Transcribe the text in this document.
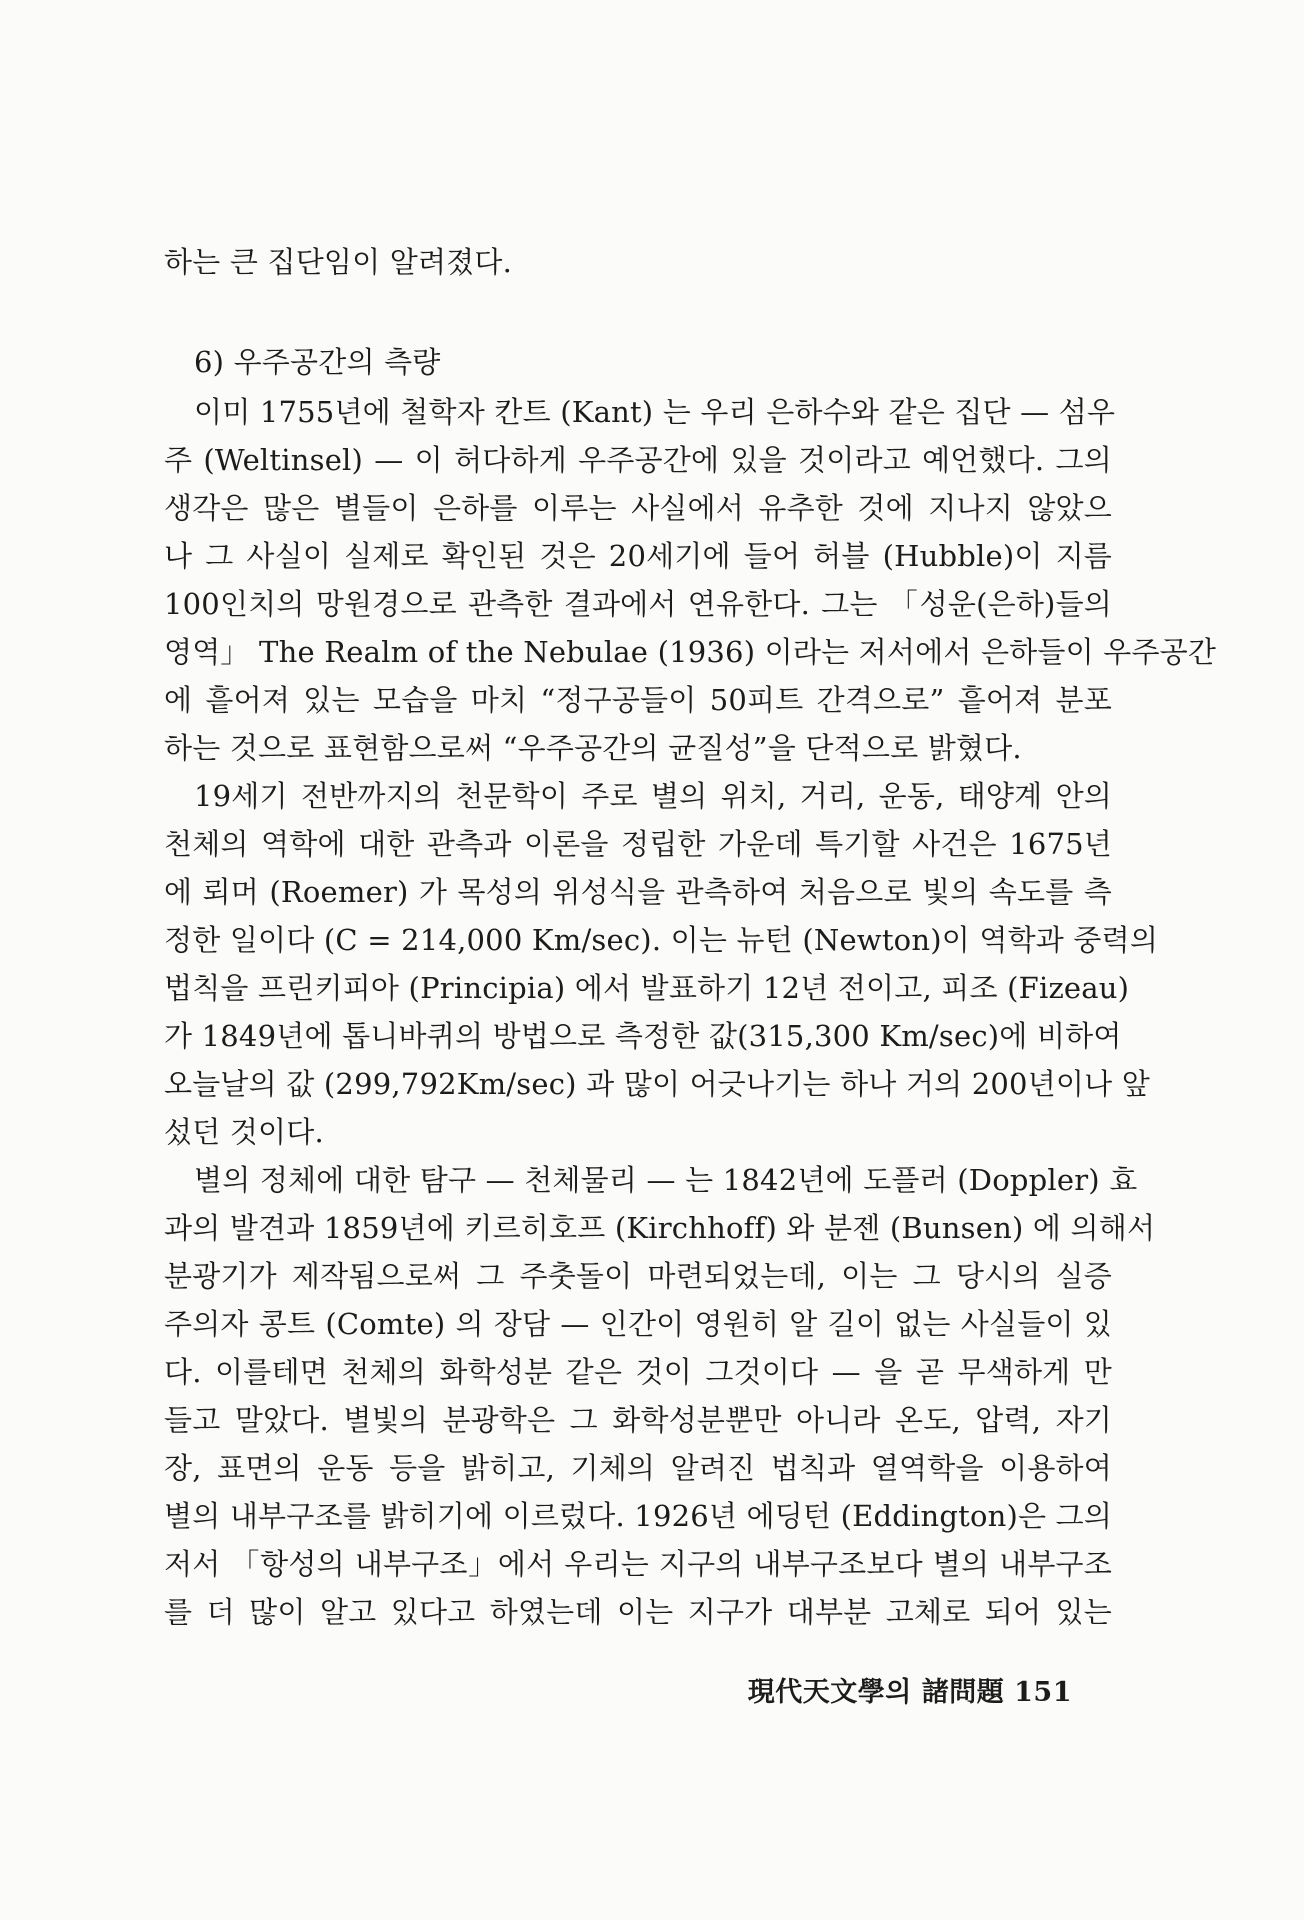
하는 큰 집단임이 알려졌다.
6) 우주공간의 측량
이미 1755년에 철학자 칸트 (Kant) 는 우리 은하수와 같은 집단 — 섬우
주 (Weltinsel) — 이 허다하게 우주공간에 있을 것이라고 예언했다. 그의
생각은 많은 별들이 은하를 이루는 사실에서 유추한 것에 지나지 않았으
나 그 사실이 실제로 확인된 것은 20세기에 들어 허블 (Hubble)이 지름
100인치의 망원경으로 관측한 결과에서 연유한다. 그는 「성운(은하)들의
영역」 The Realm of the Nebulae (1936) 이라는 저서에서 은하들이 우주공간
에 흩어져 있는 모습을 마치 “정구공들이 50피트 간격으로” 흩어져 분포
하는 것으로 표현함으로써 “우주공간의 균질성”을 단적으로 밝혔다.
19세기 전반까지의 천문학이 주로 별의 위치, 거리, 운동, 태양계 안의
천체의 역학에 대한 관측과 이론을 정립한 가운데 특기할 사건은 1675년
에 뢰머 (Roemer) 가 목성의 위성식을 관측하여 처음으로 빛의 속도를 측
정한 일이다 (C = 214,000 Km/sec). 이는 뉴턴 (Newton)이 역학과 중력의
법칙을 프린키피아 (Principia) 에서 발표하기 12년 전이고, 피조 (Fizeau)
가 1849년에 톱니바퀴의 방법으로 측정한 값(315,300 Km/sec)에 비하여
오늘날의 값 (299,792Km/sec) 과 많이 어긋나기는 하나 거의 200년이나 앞
섰던 것이다.
별의 정체에 대한 탐구 — 천체물리 — 는 1842년에 도플러 (Doppler) 효
과의 발견과 1859년에 키르히호프 (Kirchhoff) 와 분젠 (Bunsen) 에 의해서
분광기가 제작됨으로써 그 주춧돌이 마련되었는데, 이는 그 당시의 실증
주의자 콩트 (Comte) 의 장담 — 인간이 영원히 알 길이 없는 사실들이 있
다. 이를테면 천체의 화학성분 같은 것이 그것이다 — 을 곧 무색하게 만
들고 말았다. 별빛의 분광학은 그 화학성분뿐만 아니라 온도, 압력, 자기
장, 표면의 운동 등을 밝히고, 기체의 알려진 법칙과 열역학을 이용하여
별의 내부구조를 밝히기에 이르렀다. 1926년 에딩턴 (Eddington)은 그의
저서 「항성의 내부구조」에서 우리는 지구의 내부구조보다 별의 내부구조
를 더 많이 알고 있다고 하였는데 이는 지구가 대부분 고체로 되어 있는
現代天文學의 諸問題 151
